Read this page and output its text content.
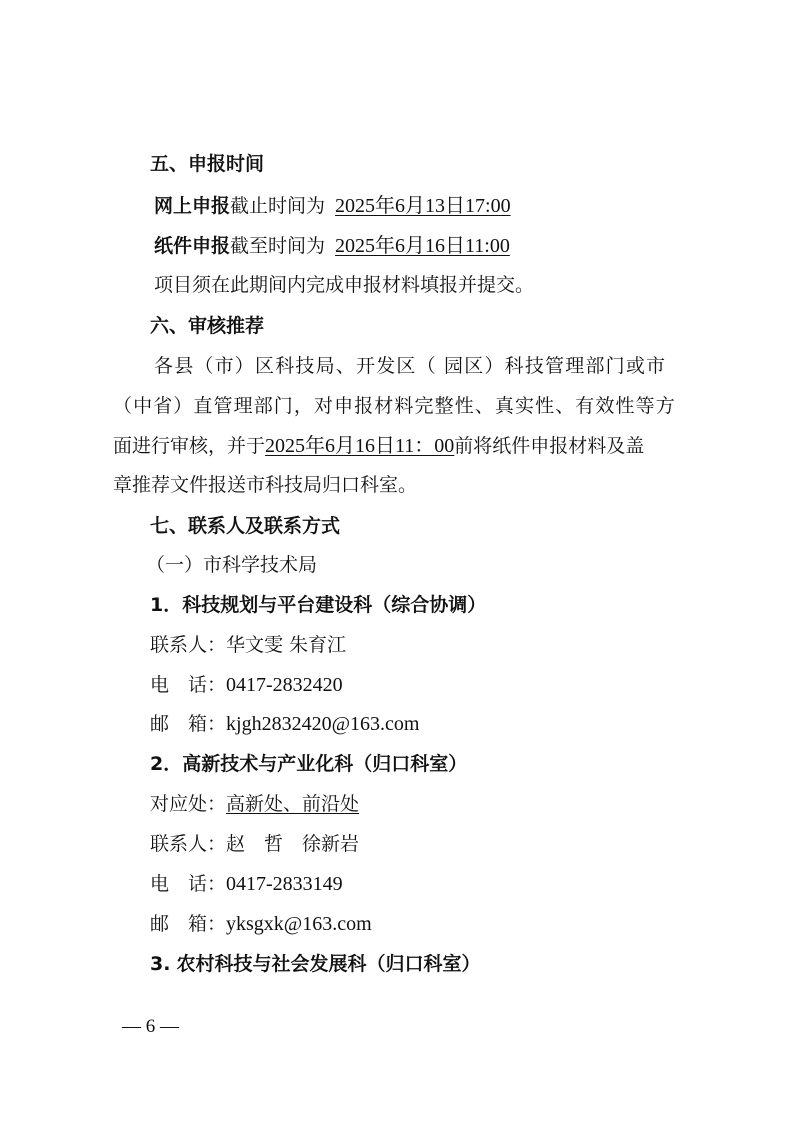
五、申报时间
网上申报截止时间为 2025年6月13日17:00
纸件申报截至时间为 2025年6月16日11:00
项目须在此期间内完成申报材料填报并提交。
六、审核推荐
各县（市）区科技局、开发区（ 园区）科技管理部门或市
（中省）直管理部门，对申报材料完整性、真实性、有效性等方
面进行审核，并于2025年6月16日11：00前将纸件申报材料及盖
章推荐文件报送市科技局归口科室。
七、联系人及联系方式
（一）市科学技术局
1．科技规划与平台建设科（综合协调）
联系人：华文雯 朱育江
电　话：0417-2832420
邮　箱：kjgh2832420@163.com
2．高新技术与产业化科（归口科室）
对应处：高新处、前沿处
联系人：赵　哲　徐新岩
电　话：0417-2833149
邮　箱：yksgxk@163.com
3. 农村科技与社会发展科（归口科室）
— 6 —
